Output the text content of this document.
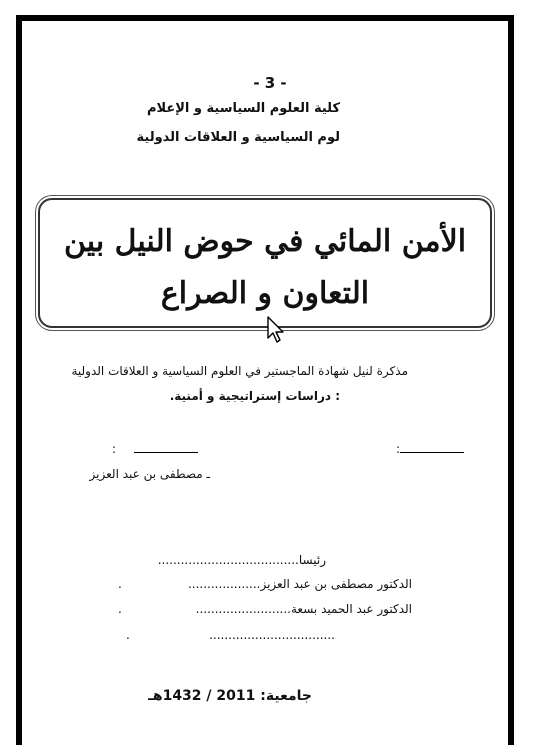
- 3 -
كلية العلوم السياسية و الإعلام
لوم السياسية و العلاقات الدولية
الأمن المائي في حوض النيل بين التعاون و الصراع
مذكرة لنيل شهادة الماجستير في العلوم السياسية و العلاقات الدولية
: دراسات إستراتيجية و أمنية.
:
:
ـ مصطفى بن عبد العزيز
رئيسا.....................................
الدكتور مصطفى بن عبد العزيز...................
.
الدكتور عبد الحميد بسعة.........................
.
.................................
.
جامعية: 2011 / 1432هـ
